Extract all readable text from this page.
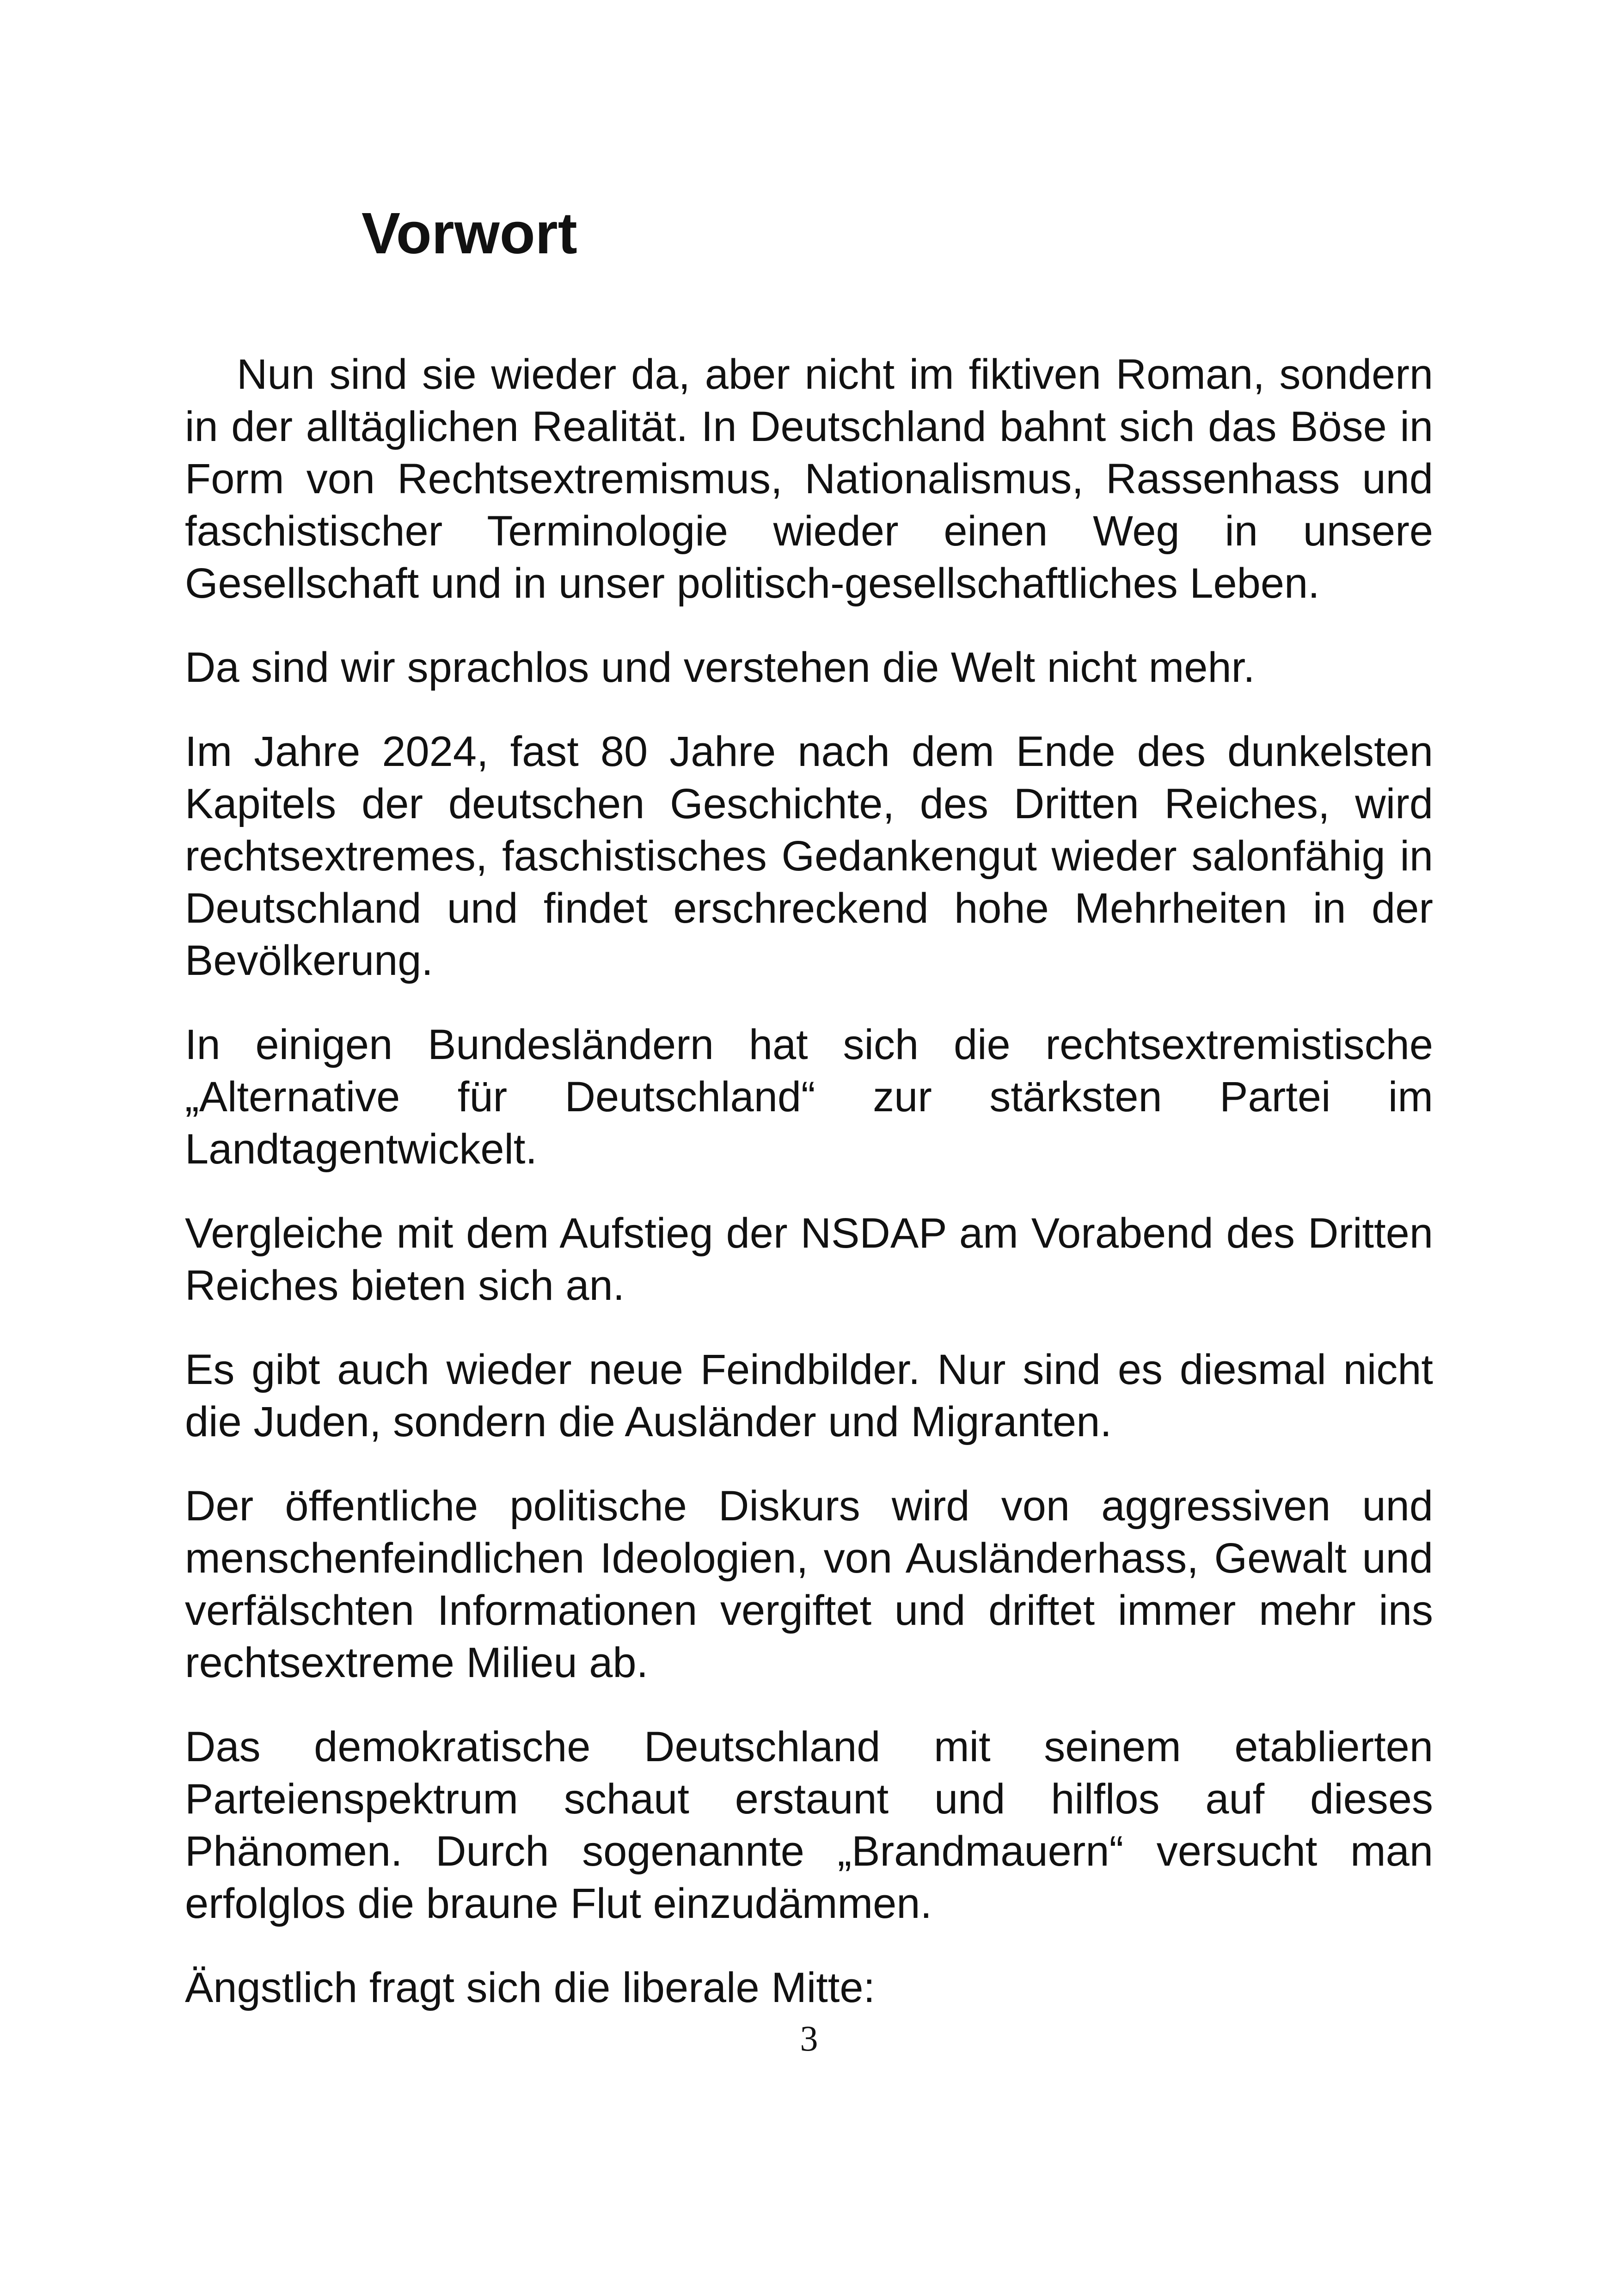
Vorwort

Nun sind sie wieder da, aber nicht im fiktiven Roman, sondern in der alltäglichen Realität. In Deutschland bahnt sich das Böse in Form von Rechtsextremismus, Nationalismus, Rassenhass und faschistischer Terminologie wieder einen Weg in unsere Gesellschaft und in unser politisch-gesellschaftliches Leben.

Da sind wir sprachlos und verstehen die Welt nicht mehr.

Im Jahre 2024, fast 80 Jahre nach dem Ende des dunkelsten Kapitels der deutschen Geschichte, des Dritten Reiches, wird rechtsextremes, faschistisches Gedankengut wieder salonfähig in Deutschland und findet erschreckend hohe Mehrheiten in der Bevölkerung.

In einigen Bundesländern hat sich die rechtsextremistische „Alternative für Deutschland“ zur stärksten Partei im Landtagentwickelt.

Vergleiche mit dem Aufstieg der NSDAP am Vorabend des Dritten Reiches bieten sich an.

Es gibt auch wieder neue Feindbilder. Nur sind es diesmal nicht die Juden, sondern die Ausländer und Migranten.

Der öffentliche politische Diskurs wird von aggressiven und menschenfeindlichen Ideologien, von Ausländerhass, Gewalt und verfälschten Informationen vergiftet und driftet immer mehr ins rechtsextreme Milieu ab.

Das demokratische Deutschland mit seinem etablierten Parteienspektrum schaut erstaunt und hilflos auf dieses Phänomen. Durch sogenannte „Brandmauern“ versucht man erfolglos die braune Flut einzudämmen.

Ängstlich fragt sich die liberale Mitte:

3
